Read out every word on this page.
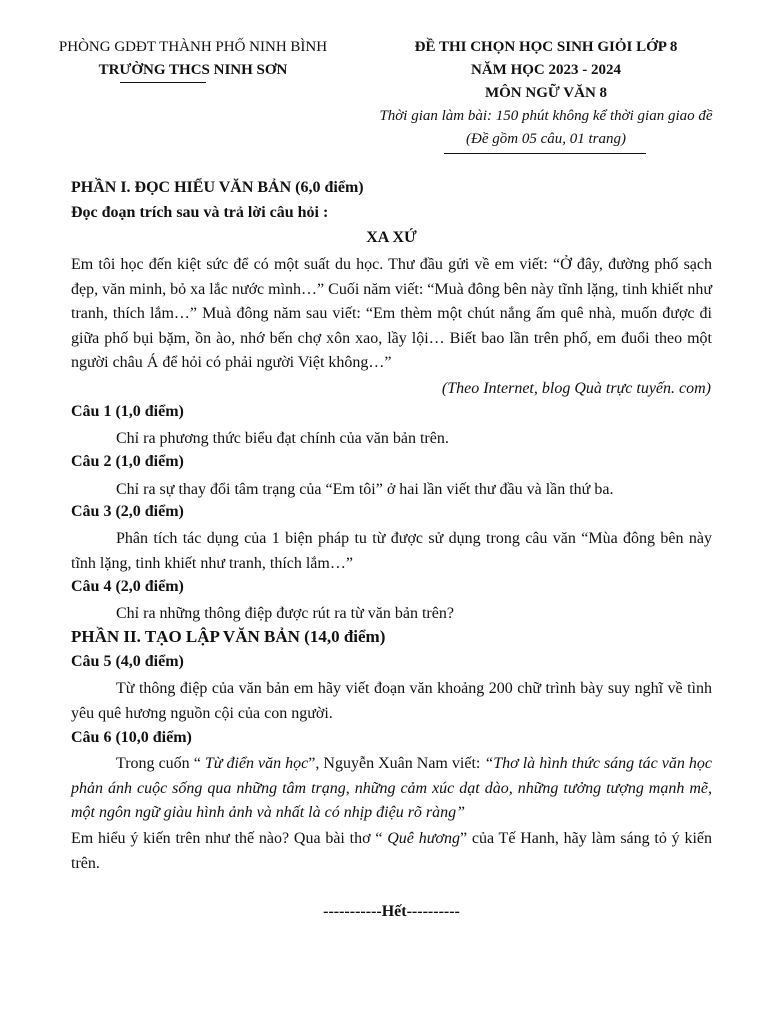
PHÒNG GDĐT THÀNH PHỐ NINH BÌNH
TRƯỜNG THCS NINH SƠN
ĐỀ THI CHỌN HỌC SINH GIỎI LỚP 8
NĂM HỌC 2023 - 2024
MÔN NGỮ VĂN 8
Thời gian làm bài: 150 phút không kể thời gian giao đề
(Đề gồm 05 câu, 01 trang)
PHẦN I. ĐỌC HIỂU VĂN BẢN (6,0 điểm)
Đọc đoạn trích sau và trả lời câu hỏi :
XA XỨ
Em tôi học đến kiệt sức để có một suất du học. Thư đầu gửi về em viết: “Ở đây, đường phố sạch đẹp, văn minh, bỏ xa lắc nước mình…” Cuối năm viết: “Muà đông bên này tĩnh lặng, tinh khiết như tranh, thích lắm…” Muà đông năm sau viết: “Em thèm một chút nắng ấm quê nhà, muốn được đi giữa phố bụi bặm, ồn ào, nhớ bến chợ xôn xao, lầy lội… Biết bao lần trên phố, em đuổi theo một người châu Á để hỏi có phải người Việt không…”
(Theo Internet, blog Quà trực tuyến. com)
Câu 1 (1,0 điểm)
Chỉ ra phương thức biểu đạt chính của văn bản trên.
Câu 2 (1,0 điểm)
Chỉ ra sự thay đổi tâm trạng của “Em tôi” ở hai lần viết thư đầu và lần thứ ba.
Câu 3 (2,0 điểm)
Phân tích tác dụng của 1 biện pháp tu từ được sử dụng trong câu văn “Mùa đông bên này tĩnh lặng, tinh khiết như tranh, thích lắm…”
Câu 4 (2,0 điểm)
Chỉ ra những thông điệp được rút ra từ văn bản trên?
PHẦN II. TẠO LẬP VĂN BẢN (14,0 điểm)
Câu 5 (4,0 điểm)
Từ thông điệp của văn bản em hãy viết đoạn văn khoảng 200 chữ trình bày suy nghĩ về tình yêu quê hương nguồn cội của con người.
Câu 6 (10,0 điểm)
Trong cuốn “ Từ điển văn học”, Nguyễn Xuân Nam viết: “Thơ là hình thức sáng tác văn học phản ánh cuộc sống qua những tâm trạng, những cảm xúc dạt dào, những tưởng tượng mạnh mẽ, một ngôn ngữ giàu hình ảnh và nhất là có nhịp điệu rõ ràng”
Em hiểu ý kiến trên như thế nào? Qua bài thơ “ Quê hương” của Tế Hanh, hãy làm sáng tỏ ý kiến trên.
-----------Hết----------
